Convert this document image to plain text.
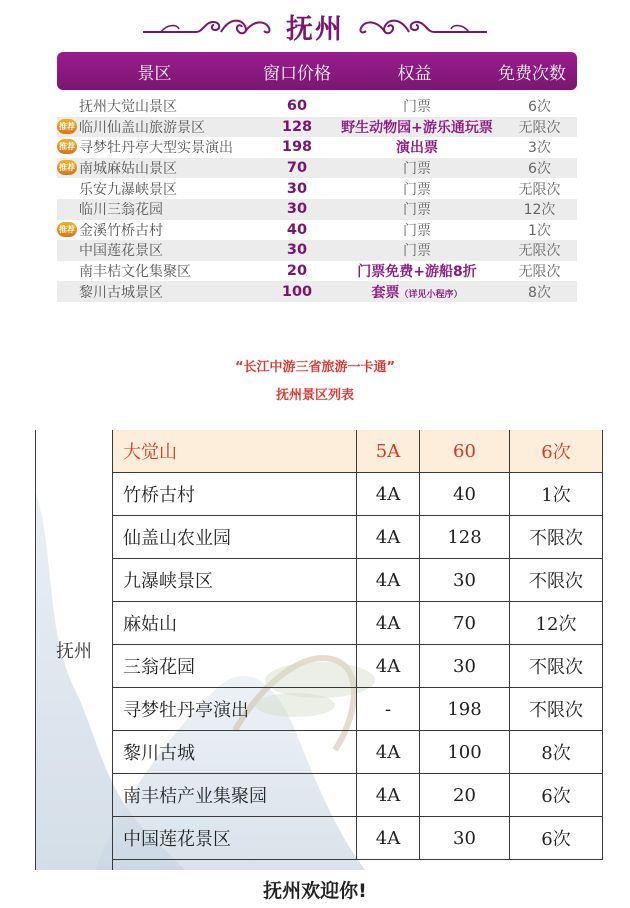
抚州
景区	窗口价格	权益	免费次数
抚州大觉山景区	60	门票	6次
推荐 临川仙盖山旅游景区	128	野生动物园+游乐通玩票	无限次
推荐 寻梦牡丹亭大型实景演出	198	演出票	3次
推荐 南城麻姑山景区	70	门票	6次
乐安九瀑峡景区	30	门票	无限次
临川三翁花园	30	门票	12次
推荐 金溪竹桥古村	40	门票	1次
中国莲花景区	30	门票	无限次
南丰桔文化集聚区	20	门票免费+游船8折	无限次
黎川古城景区	100	套票（详见小程序）	8次
“长江中游三省旅游一卡通”
抚州景区列表
抚州
大觉山	5A	60	6次
竹桥古村	4A	40	1次
仙盖山农业园	4A	128	不限次
九瀑峡景区	4A	30	不限次
麻姑山	4A	70	12次
三翁花园	4A	30	不限次
寻梦牡丹亭演出	-	198	不限次
黎川古城	4A	100	8次
南丰桔产业集聚园	4A	20	6次
中国莲花景区	4A	30	6次
抚州欢迎你!
